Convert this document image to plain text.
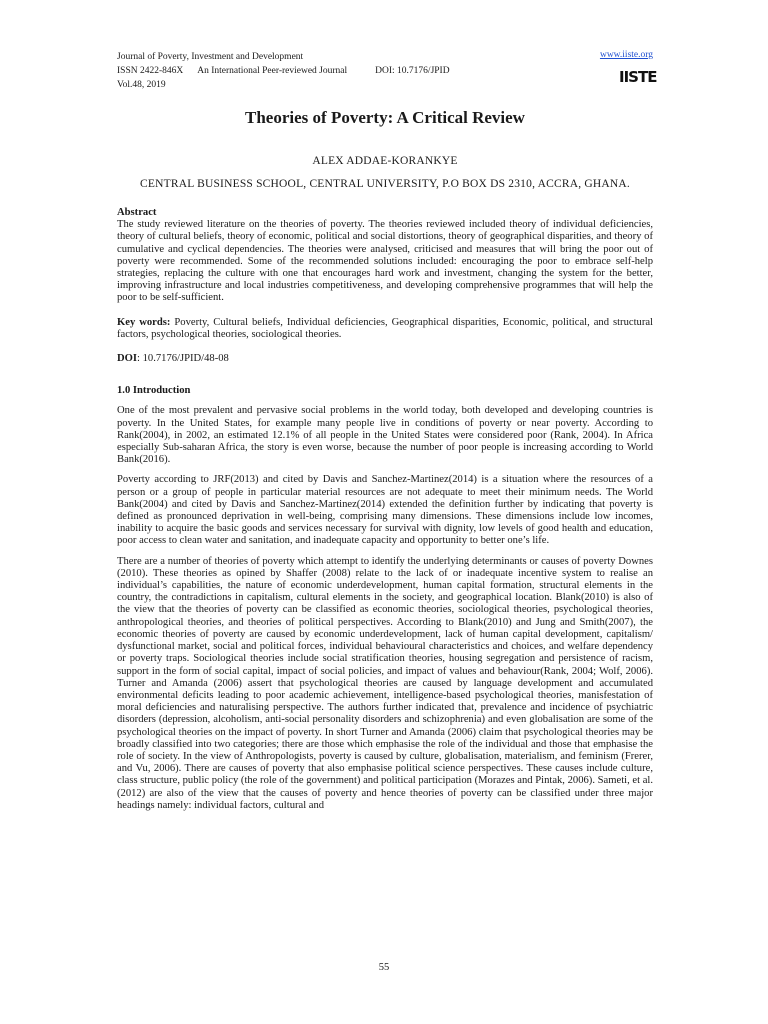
Journal of Poverty, Investment and Development
ISSN 2422-846X An International Peer-reviewed Journal	DOI: 10.7176/JPID
Vol.48, 2019
www.iiste.org
IISTE
Theories of Poverty: A Critical Review
ALEX ADDAE-KORANKYE
CENTRAL BUSINESS SCHOOL, CENTRAL UNIVERSITY, P.O BOX DS 2310, ACCRA, GHANA.

Abstract

The study reviewed literature on the theories of poverty. The theories reviewed included theory of individual deficiencies, theory of cultural beliefs, theory of economic, political and social distortions, theory of geographical disparities, and theory of cumulative and cyclical dependencies. The theories were analysed, criticised and measures that will bring the poor out of poverty were recommended. Some of the recommended solutions included: encouraging the poor to embrace self-help strategies, replacing the culture with one that encourages hard work and investment, changing the system for the better, improving infrastructure and local industries competitiveness, and developing comprehensive programmes that will help the poor to be self-sufficient.

Key words: Poverty, Cultural beliefs, Individual deficiencies, Geographical disparities, Economic, political, and structural factors, psychological theories, sociological theories.

DOI: 10.7176/JPID/48-08

1.0 Introduction

One of the most prevalent and pervasive social problems in the world today, both developed and developing countries is poverty. In the United States, for example many people live in conditions of poverty or near poverty. According to Rank(2004), in 2002, an estimated 12.1% of all people in the United States were considered poor (Rank, 2004). In Africa especially Sub-saharan Africa, the story is even worse, because the number of poor people is increasing according to World Bank(2016).

Poverty according to JRF(2013) and cited by Davis and Sanchez-Martinez(2014) is a situation where the resources of a person or a group of people in particular material resources are not adequate to meet their minimum needs. The World Bank(2004) and cited by Davis and Sanchez-Martinez(2014) extended the definition further by indicating that poverty is defined as pronounced deprivation in well-being, comprising many dimensions. These dimensions include low incomes, inability to acquire the basic goods and services necessary for survival with dignity, low levels of good health and education, poor access to clean water and sanitation, and inadequate capacity and opportunity to better one’s life.

There are a number of theories of poverty which attempt to identify the underlying determinants or causes of poverty Downes (2010). These theories as opined by Shaffer (2008) relate to the lack of or inadequate incentive system to realise an individual’s capabilities, the nature of economic underdevelopment, human capital formation, structural elements in the country, the contradictions in capitalism, cultural elements in the society, and geographical location. Blank(2010) is also of the view that the theories of poverty can be classified as economic theories, sociological theories, psychological theories, anthropological theories, and theories of political perspectives. According to Blank(2010) and Jung and Smith(2007), the economic theories of poverty are caused by economic underdevelopment, lack of human capital development, capitalism/ dysfunctional market, social and political forces, individual behavioural characteristics and choices, and welfare dependency or poverty traps. Sociological theories include social stratification theories, housing segregation and persistence of racism, support in the form of social capital, impact of social policies, and impact of values and behaviour(Rank, 2004; Wolf, 2006). Turner and Amanda (2006) assert that psychological theories are caused by language development and accumulated environmental deficits leading to poor academic achievement, intelligence-based psychological theories, manisfestation of moral deficiencies and naturalising perspective. The authors further indicated that, prevalence and incidence of psychiatric disorders (depression, alcoholism, anti-social personality disorders and schizophrenia) and even globalisation are some of the psychological theories on the impact of poverty. In short Turner and Amanda (2006) claim that psychological theories may be broadly classified into two categories; there are those which emphasise the role of the individual and those that emphasise the role of society. In the view of Anthropologists, poverty is caused by culture, globalisation, materialism, and feminism (Frerer, and Vu, 2006). There are causes of poverty that also emphasise political science perspectives. These causes include culture, class structure, public policy (the role of the government) and political participation (Morazes and Pintak, 2006). Sameti, et al. (2012) are also of the view that the causes of poverty and hence theories of poverty can be classified under three major headings namely: individual factors, cultural and

55
